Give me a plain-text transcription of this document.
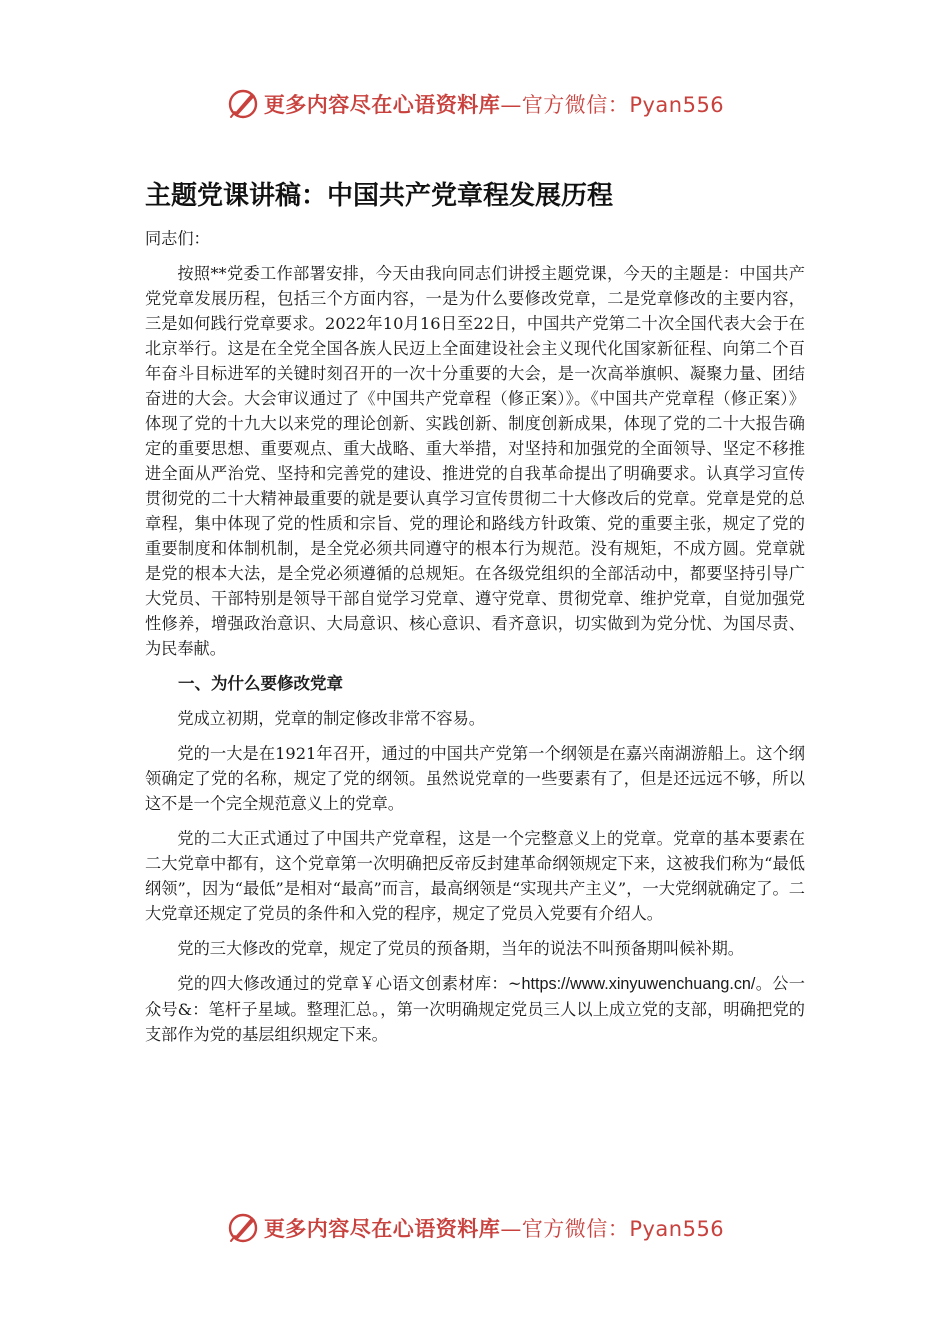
更多内容尽在心语资料库—官方微信：Pyan556
主题党课讲稿：中国共产党章程发展历程

同志们：

按照**党委工作部署安排，今天由我向同志们讲授主题党课，今天的主题是：中国共产党党章发展历程，包括三个方面内容，一是为什么要修改党章，二是党章修改的主要内容，三是如何践行党章要求。2022年10月16日至22日，中国共产党第二十次全国代表大会于在北京举行。这是在全党全国各族人民迈上全面建设社会主义现代化国家新征程、向第二个百年奋斗目标进军的关键时刻召开的一次十分重要的大会，是一次高举旗帜、凝聚力量、团结奋进的大会。大会审议通过了《中国共产党章程（修正案）》。《中国共产党章程（修正案）》体现了党的十九大以来党的理论创新、实践创新、制度创新成果，体现了党的二十大报告确定的重要思想、重要观点、重大战略、重大举措，对坚持和加强党的全面领导、坚定不移推进全面从严治党、坚持和完善党的建设、推进党的自我革命提出了明确要求。认真学习宣传贯彻党的二十大精神最重要的就是要认真学习宣传贯彻二十大修改后的党章。党章是党的总章程，集中体现了党的性质和宗旨、党的理论和路线方针政策、党的重要主张，规定了党的重要制度和体制机制，是全党必须共同遵守的根本行为规范。没有规矩，不成方圆。党章就是党的根本大法，是全党必须遵循的总规矩。在各级党组织的全部活动中，都要坚持引导广大党员、干部特别是领导干部自觉学习党章、遵守党章、贯彻党章、维护党章，自觉加强党性修养，增强政治意识、大局意识、核心意识、看齐意识，切实做到为党分忧、为国尽责、为民奉献。

一、为什么要修改党章

党成立初期，党章的制定修改非常不容易。

党的一大是在1921年召开，通过的中国共产党第一个纲领是在嘉兴南湖游船上。这个纲领确定了党的名称，规定了党的纲领。虽然说党章的一些要素有了，但是还远远不够，所以这不是一个完全规范意义上的党章。

党的二大正式通过了中国共产党章程，这是一个完整意义上的党章。党章的基本要素在二大党章中都有，这个党章第一次明确把反帝反封建革命纲领规定下来，这被我们称为“最低纲领”，因为“最低”是相对“最高”而言，最高纲领是“实现共产主义”，一大党纲就确定了。二大党章还规定了党员的条件和入党的程序，规定了党员入党要有介绍人。

党的三大修改的党章，规定了党员的预备期，当年的说法不叫预备期叫候补期。

党的四大修改通过的党章￥心语文创素材库：~https://www.xinyuwenchuang.cn/。公一众号&：笔杆子星域。整理汇总。，第一次明确规定党员三人以上成立党的支部，明确把党的支部作为党的基层组织规定下来。

更多内容尽在心语资料库—官方微信：Pyan556
